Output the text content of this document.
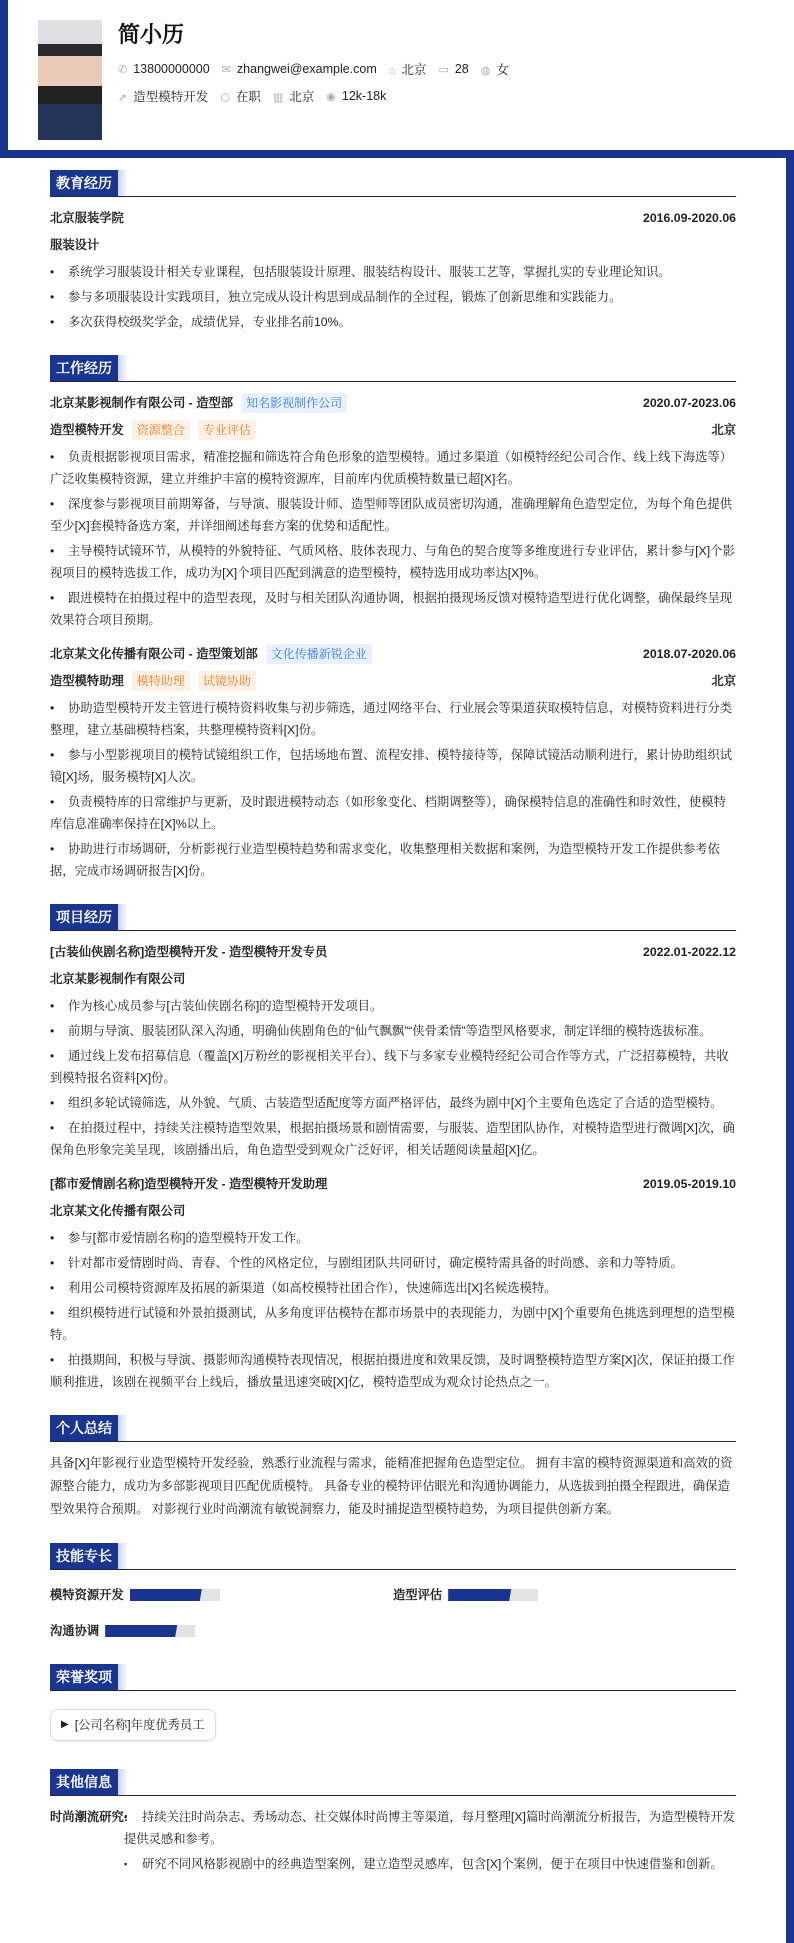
简小历
✆ 13800000000 ✉ zhangwei@example.com ⌂ 北京 ▭ 28 ◍ 女
➚ 造型模特开发 ⬡ 在职 ▥ 北京 ◉ 12k-18k
教育经历
北京服装学院	2016.09-2020.06
服装设计
• 系统学习服装设计相关专业课程，包括服装设计原理、服装结构设计、服装工艺等，掌握扎实的专业理论知识。
• 参与多项服装设计实践项目，独立完成从设计构思到成品制作的全过程，锻炼了创新思维和实践能力。
• 多次获得校级奖学金，成绩优异，专业排名前10%。
工作经历
北京某影视制作有限公司 - 造型部	知名影视制作公司	2020.07-2023.06
造型模特开发	资源整合	专业评估	北京
• 负责根据影视项目需求，精准挖掘和筛选符合角色形象的造型模特。通过多渠道（如模特经纪公司合作、线上线下海选等）广泛收集模特资源，建立并维护丰富的模特资源库，目前库内优质模特数量已超[X]名。
• 深度参与影视项目前期筹备，与导演、服装设计师、造型师等团队成员密切沟通，准确理解角色造型定位，为每个角色提供至少[X]套模特备选方案，并详细阐述每套方案的优势和适配性。
• 主导模特试镜环节，从模特的外貌特征、气质风格、肢体表现力、与角色的契合度等多维度进行专业评估，累计参与[X]个影视项目的模特选拔工作，成功为[X]个项目匹配到满意的造型模特，模特选用成功率达[X]%。
• 跟进模特在拍摄过程中的造型表现，及时与相关团队沟通协调，根据拍摄现场反馈对模特造型进行优化调整，确保最终呈现效果符合项目预期。
北京某文化传播有限公司 - 造型策划部	文化传播新锐企业	2018.07-2020.06
造型模特助理	模特助理	试镜协助	北京
• 协助造型模特开发主管进行模特资料收集与初步筛选，通过网络平台、行业展会等渠道获取模特信息，对模特资料进行分类整理，建立基础模特档案，共整理模特资料[X]份。
• 参与小型影视项目的模特试镜组织工作，包括场地布置、流程安排、模特接待等，保障试镜活动顺利进行，累计协助组织试镜[X]场，服务模特[X]人次。
• 负责模特库的日常维护与更新，及时跟进模特动态（如形象变化、档期调整等），确保模特信息的准确性和时效性，使模特库信息准确率保持在[X]%以上。
• 协助进行市场调研，分析影视行业造型模特趋势和需求变化，收集整理相关数据和案例，为造型模特开发工作提供参考依据，完成市场调研报告[X]份。
项目经历
[古装仙侠剧名称]造型模特开发 - 造型模特开发专员	2022.01-2022.12
北京某影视制作有限公司
• 作为核心成员参与[古装仙侠剧名称]的造型模特开发项目。
• 前期与导演、服装团队深入沟通，明确仙侠剧角色的“仙气飘飘”“侠骨柔情”等造型风格要求，制定详细的模特选拔标准。
• 通过线上发布招募信息（覆盖[X]万粉丝的影视相关平台）、线下与多家专业模特经纪公司合作等方式，广泛招募模特，共收到模特报名资料[X]份。
• 组织多轮试镜筛选，从外貌、气质、古装造型适配度等方面严格评估，最终为剧中[X]个主要角色选定了合适的造型模特。
• 在拍摄过程中，持续关注模特造型效果，根据拍摄场景和剧情需要，与服装、造型团队协作，对模特造型进行微调[X]次，确保角色形象完美呈现，该剧播出后，角色造型受到观众广泛好评，相关话题阅读量超[X]亿。
[都市爱情剧名称]造型模特开发 - 造型模特开发助理	2019.05-2019.10
北京某文化传播有限公司
• 参与[都市爱情剧名称]的造型模特开发工作。
• 针对都市爱情剧时尚、青春、个性的风格定位，与剧组团队共同研讨，确定模特需具备的时尚感、亲和力等特质。
• 利用公司模特资源库及拓展的新渠道（如高校模特社团合作），快速筛选出[X]名候选模特。
• 组织模特进行试镜和外景拍摄测试，从多角度评估模特在都市场景中的表现能力，为剧中[X]个重要角色挑选到理想的造型模特。
• 拍摄期间，积极与导演、摄影师沟通模特表现情况，根据拍摄进度和效果反馈，及时调整模特造型方案[X]次，保证拍摄工作顺利推进，该剧在视频平台上线后，播放量迅速突破[X]亿，模特造型成为观众讨论热点之一。
个人总结

具备[X]年影视行业造型模特开发经验，熟悉行业流程与需求，能精准把握角色造型定位。 拥有丰富的模特资源渠道和高效的资源整合能力，成功为多部影视项目匹配优质模特。 具备专业的模特评估眼光和沟通协调能力，从选拔到拍摄全程跟进，确保造型效果符合预期。 对影视行业时尚潮流有敏锐洞察力，能及时捕捉造型模特趋势，为项目提供创新方案。

技能专长
模特资源开发	造型评估
沟通协调
荣誉奖项
▶ [公司名称]年度优秀员工
其他信息
时尚潮流研究:	▪ 持续关注时尚杂志、秀场动态、社交媒体时尚博主等渠道，每月整理[X]篇时尚潮流分析报告，为造型模特开发提供灵感和参考。
▪ 研究不同风格影视剧中的经典造型案例，建立造型灵感库，包含[X]个案例，便于在项目中快速借鉴和创新。
